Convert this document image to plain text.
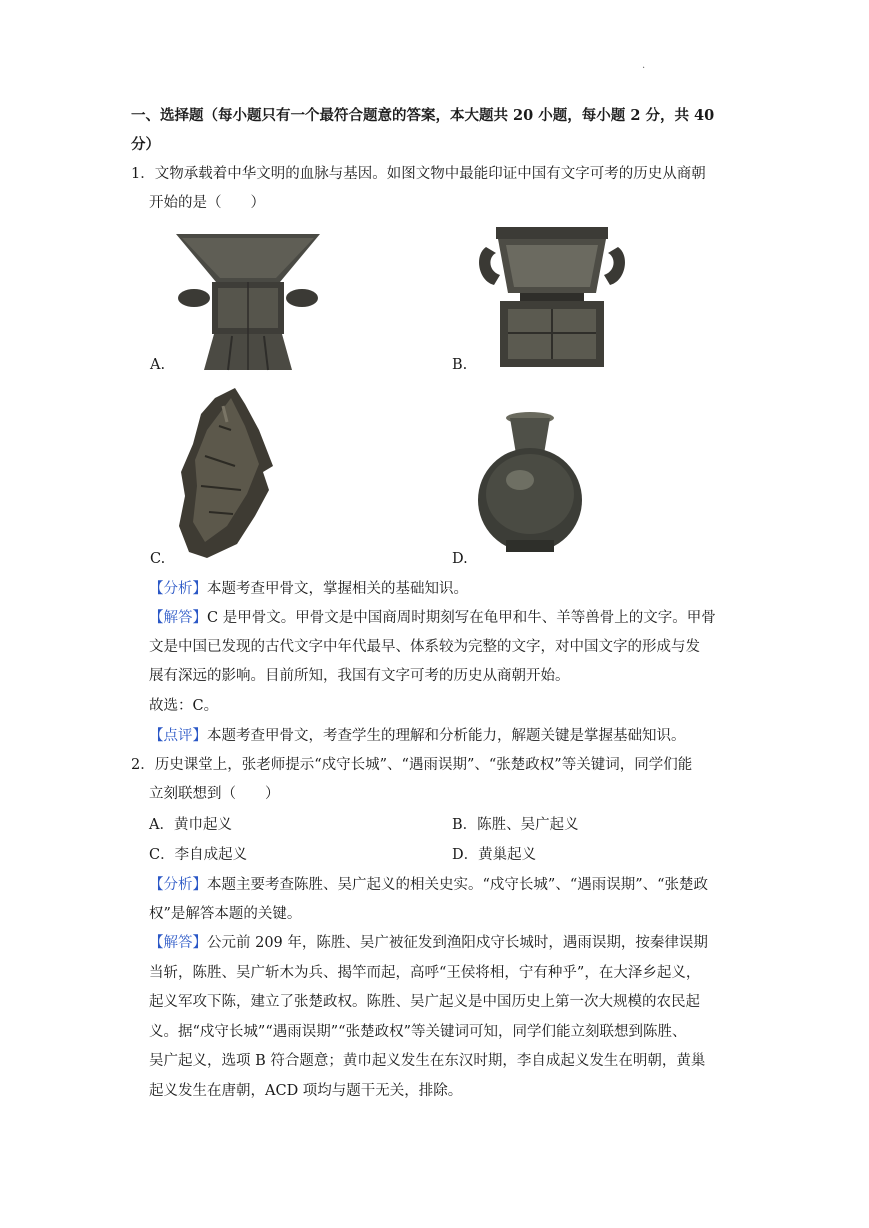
.
一、选择题（每小题只有一个最符合题意的答案，本大题共 20 小题，每小题 2 分，共 40
分）
1．文物承载着中华文明的血脉与基因。如图文物中最能印证中国有文字可考的历史从商朝
开始的是（　　）
A.	B.
C.	D.
【分析】本题考查甲骨文，掌握相关的基础知识。
【解答】C 是甲骨文。甲骨文是中国商周时期刻写在龟甲和牛、羊等兽骨上的文字。甲骨
文是中国已发现的古代文字中年代最早、体系较为完整的文字，对中国文字的形成与发
展有深远的影响。目前所知，我国有文字可考的历史从商朝开始。
故选：C。
【点评】本题考查甲骨文，考查学生的理解和分析能力，解题关键是掌握基础知识。
2．历史课堂上，张老师提示“戍守长城”、“遇雨误期”、“张楚政权”等关键词，同学们能
立刻联想到（　　）
A．黄巾起义	B．陈胜、吴广起义
C．李自成起义	D．黄巢起义
【分析】本题主要考查陈胜、吴广起义的相关史实。“戍守长城”、“遇雨误期”、“张楚政
权”是解答本题的关键。
【解答】公元前 209 年，陈胜、吴广被征发到渔阳戍守长城时，遇雨误期，按秦律误期
当斩，陈胜、吴广斩木为兵、揭竿而起，高呼“王侯将相，宁有种乎”，在大泽乡起义，
起义军攻下陈，建立了张楚政权。陈胜、吴广起义是中国历史上第一次大规模的农民起
义。据“戍守长城”“遇雨误期”“张楚政权”等关键词可知，同学们能立刻联想到陈胜、
吴广起义，选项 B 符合题意；黄巾起义发生在东汉时期，李自成起义发生在明朝，黄巢
起义发生在唐朝，ACD 项均与题干无关，排除。
